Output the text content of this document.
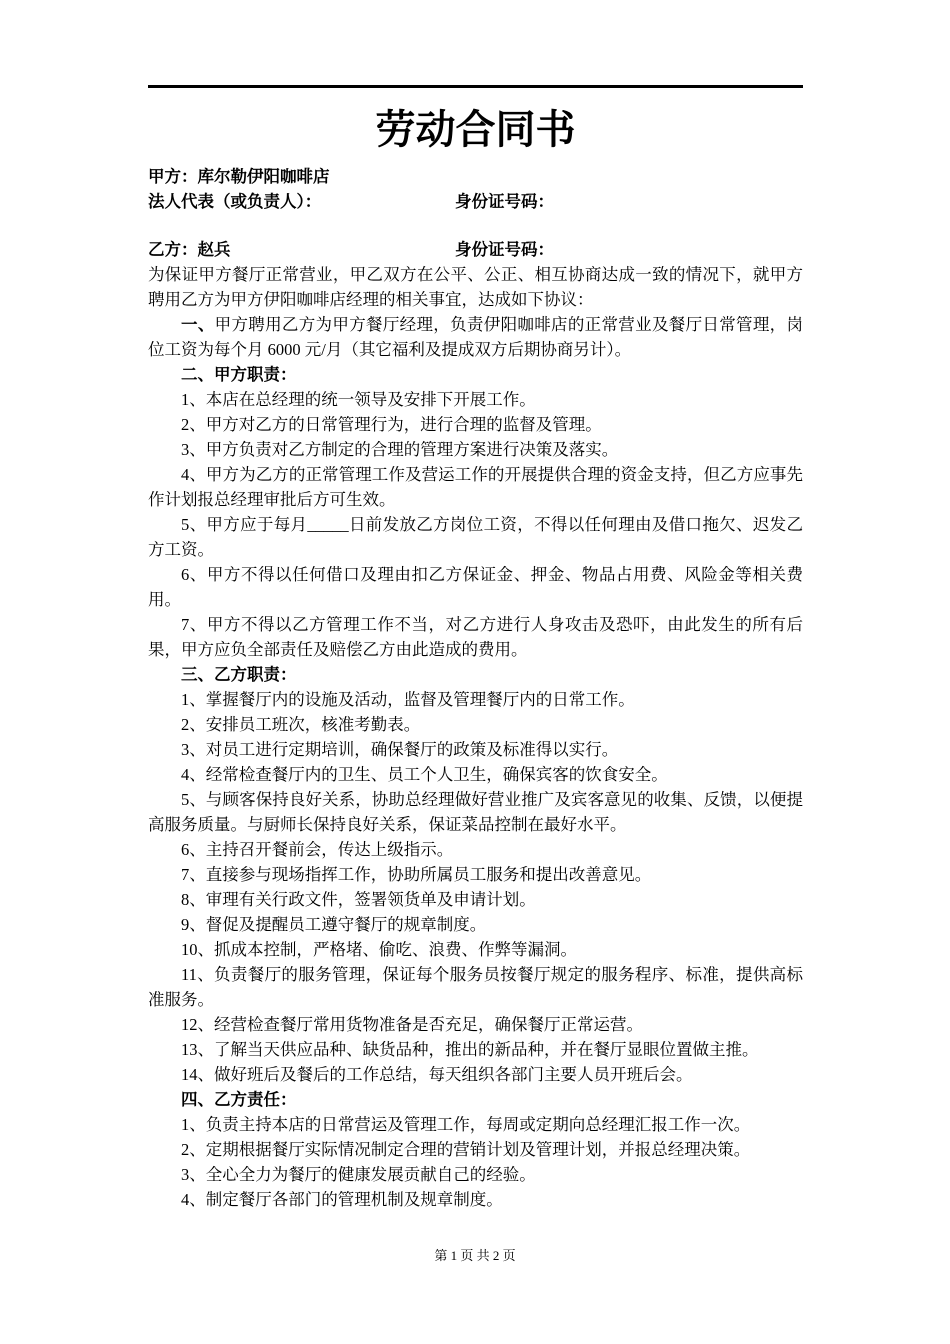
劳动合同书

甲方：库尔勒伊阳咖啡店

法人代表（或负责人）：	身份证号码：

乙方：赵兵	身份证号码：

为保证甲方餐厅正常营业，甲乙双方在公平、公正、相互协商达成一致的情况下，就甲方聘用乙方为甲方伊阳咖啡店经理的相关事宜，达成如下协议：

一、甲方聘用乙方为甲方餐厅经理，负责伊阳咖啡店的正常营业及餐厅日常管理，岗位工资为每个月 6000 元/月（其它福利及提成双方后期协商另计）。

二、甲方职责：

1、本店在总经理的统一领导及安排下开展工作。

2、甲方对乙方的日常管理行为，进行合理的监督及管理。

3、甲方负责对乙方制定的合理的管理方案进行决策及落实。

4、甲方为乙方的正常管理工作及营运工作的开展提供合理的资金支持，但乙方应事先作计划报总经理审批后方可生效。

5、甲方应于每月_____日前发放乙方岗位工资，不得以任何理由及借口拖欠、迟发乙方工资。

6、甲方不得以任何借口及理由扣乙方保证金、押金、物品占用费、风险金等相关费用。

7、甲方不得以乙方管理工作不当，对乙方进行人身攻击及恐吓，由此发生的所有后果，甲方应负全部责任及赔偿乙方由此造成的费用。

三、乙方职责：

1、掌握餐厅内的设施及活动，监督及管理餐厅内的日常工作。

2、安排员工班次，核准考勤表。

3、对员工进行定期培训，确保餐厅的政策及标准得以实行。

4、经常检查餐厅内的卫生、员工个人卫生，确保宾客的饮食安全。

5、与顾客保持良好关系，协助总经理做好营业推广及宾客意见的收集、反馈，以便提高服务质量。与厨师长保持良好关系，保证菜品控制在最好水平。

6、主持召开餐前会，传达上级指示。

7、直接参与现场指挥工作，协助所属员工服务和提出改善意见。

8、审理有关行政文件，签署领货单及申请计划。

9、督促及提醒员工遵守餐厅的规章制度。

10、抓成本控制，严格堵、偷吃、浪费、作弊等漏洞。

11、负责餐厅的服务管理，保证每个服务员按餐厅规定的服务程序、标准，提供高标准服务。

12、经营检查餐厅常用货物准备是否充足，确保餐厅正常运营。

13、了解当天供应品种、缺货品种，推出的新品种，并在餐厅显眼位置做主推。

14、做好班后及餐后的工作总结，每天组织各部门主要人员开班后会。

四、乙方责任：

1、负责主持本店的日常营运及管理工作，每周或定期向总经理汇报工作一次。

2、定期根据餐厅实际情况制定合理的营销计划及管理计划，并报总经理决策。

3、全心全力为餐厅的健康发展贡献自己的经验。

4、制定餐厅各部门的管理机制及规章制度。

第 1 页 共 2 页
